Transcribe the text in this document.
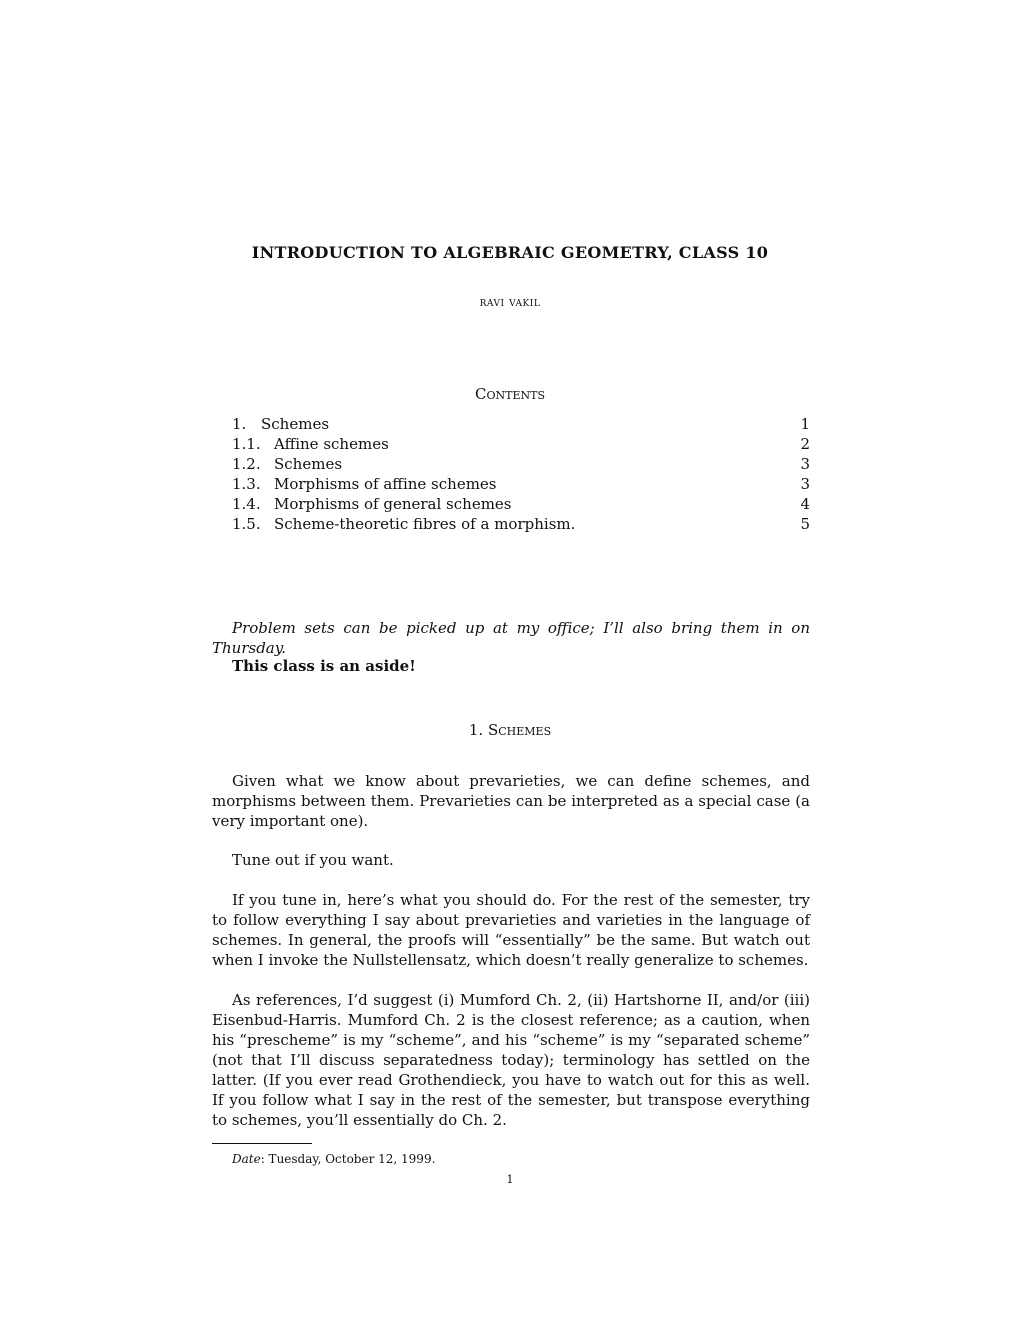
INTRODUCTION TO ALGEBRAIC GEOMETRY, CLASS 10
ravi vakil
Contents
1. Schemes	1
1.1. Affine schemes	2
1.2. Schemes	3
1.3. Morphisms of affine schemes	3
1.4. Morphisms of general schemes	4
1.5. Scheme-theoretic fibres of a morphism.	5
Problem sets can be picked up at my office; I’ll also bring them in on Thursday.
This class is an aside!
1. Schemes
Given what we know about prevarieties, we can define schemes, and morphisms between them. Prevarieties can be interpreted as a special case (a very important one).
Tune out if you want.
If you tune in, here’s what you should do. For the rest of the semester, try to follow everything I say about prevarieties and varieties in the language of schemes. In general, the proofs will “essentially” be the same. But watch out when I invoke the Nullstellensatz, which doesn’t really generalize to schemes.
As references, I’d suggest (i) Mumford Ch. 2, (ii) Hartshorne II, and/or (iii) Eisenbud-Harris. Mumford Ch. 2 is the closest reference; as a caution, when his “prescheme” is my “scheme”, and his “scheme” is my “separated scheme” (not that I’ll discuss separatedness today); terminology has settled on the latter. (If you ever read Grothendieck, you have to watch out for this as well. If you follow what I say in the rest of the semester, but transpose everything to schemes, you’ll essentially do Ch. 2.
Date: Tuesday, October 12, 1999.
1
